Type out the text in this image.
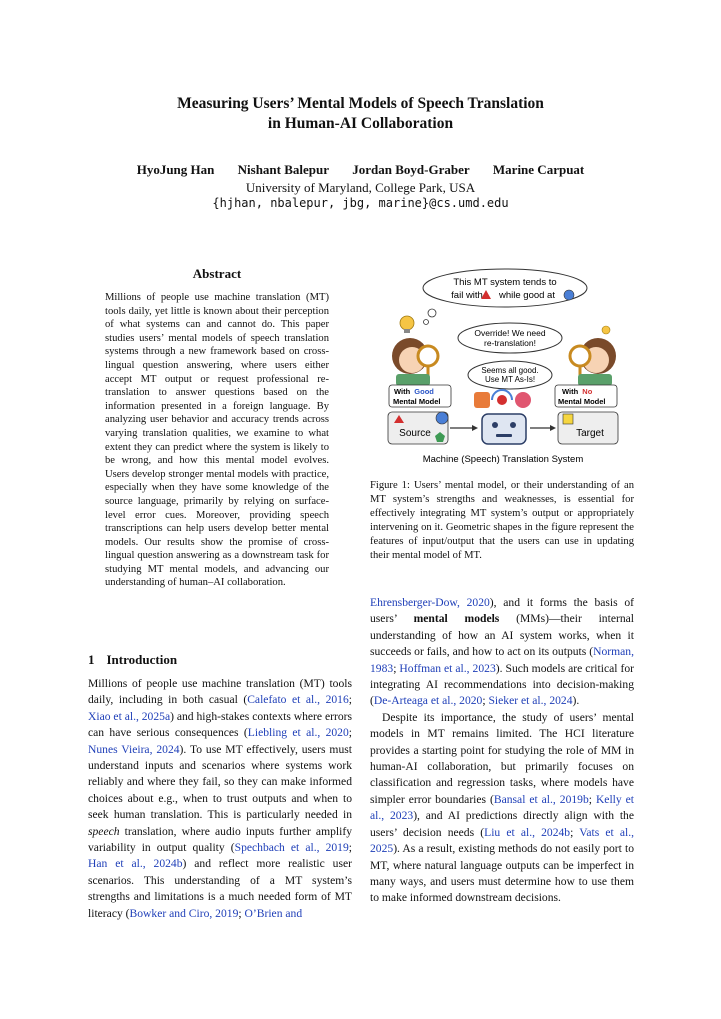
Measuring Users’ Mental Models of Speech Translation
in Human-AI Collaboration
HyoJung Han Nishant Balepur Jordan Boyd-Graber Marine Carpuat
University of Maryland, College Park, USA
{hjhan, nbalepur, jbg, marine}@cs.umd.edu
Abstract
Millions of people use machine translation (MT) tools daily, yet little is known about their perception of what systems can and cannot do. This paper studies users’ mental models of speech translation systems through a new framework based on cross-lingual question answering, where users either accept MT output or request professional re-translation to answer questions based on the information presented in a foreign language. By analyzing user behavior and accuracy trends across varying translation qualities, we examine to what extent they can predict where the system is likely to be wrong, and how this mental model evolves. Users develop stronger mental models with practice, especially when they have some knowledge of the source language, primarily by relying on surface-level error cues. Moreover, providing speech transcriptions can help users develop better mental models. Our results show the promise of cross-lingual question answering as a downstream task for studying MT mental models, and advancing our understanding of human–AI collaboration.
This MT system tends to
fail with while good at
Override! We need
re-translation!
Seems all good.
Use MT As-Is!
With Good
Mental Model
With No
Mental Model
Source	Target
Machine (Speech) Translation System
Figure 1: Users’ mental model, or their understanding of an MT system’s strengths and weaknesses, is essential for effectively integrating MT system’s output or appropriately intervening on it. Geometric shapes in the figure represent the features of input/output that the users can use in updating their mental model of MT.
1 Introduction

Millions of people use machine translation (MT) tools daily, including in both casual (Calefato et al., 2016; Xiao et al., 2025a) and high-stakes contexts where errors can have serious consequences (Liebling et al., 2020; Nunes Vieira, 2024). To use MT effectively, users must understand inputs and scenarios where systems work reliably and where they fail, so they can make informed choices about e.g., when to trust outputs and when to seek human translation. This is particularly needed in speech translation, where audio inputs further amplify variability in output quality (Spechbach et al., 2019; Han et al., 2024b) and reflect more realistic user scenarios. This understanding of a MT system’s strengths and limitations is a much needed form of MT literacy (Bowker and Ciro, 2019; O’Brien and

Ehrensberger-Dow, 2020), and it forms the basis of users’ mental models (MMs)—their internal understanding of how an AI system works, when it succeeds or fails, and how to act on its outputs (Norman, 1983; Hoffman et al., 2023). Such models are critical for integrating AI recommendations into decision-making (De-Arteaga et al., 2020; Sieker et al., 2024).

Despite its importance, the study of users’ mental models in MT remains limited. The HCI literature provides a starting point for studying the role of MM in human-AI collaboration, but primarily focuses on classification and regression tasks, where models have simpler error boundaries (Bansal et al., 2019b; Kelly et al., 2023), and AI predictions directly align with the users’ decision needs (Liu et al., 2024b; Vats et al., 2025). As a result, existing methods do not easily port to MT, where natural language outputs can be imperfect in many ways, and users must determine how to use them to make informed downstream decisions.
